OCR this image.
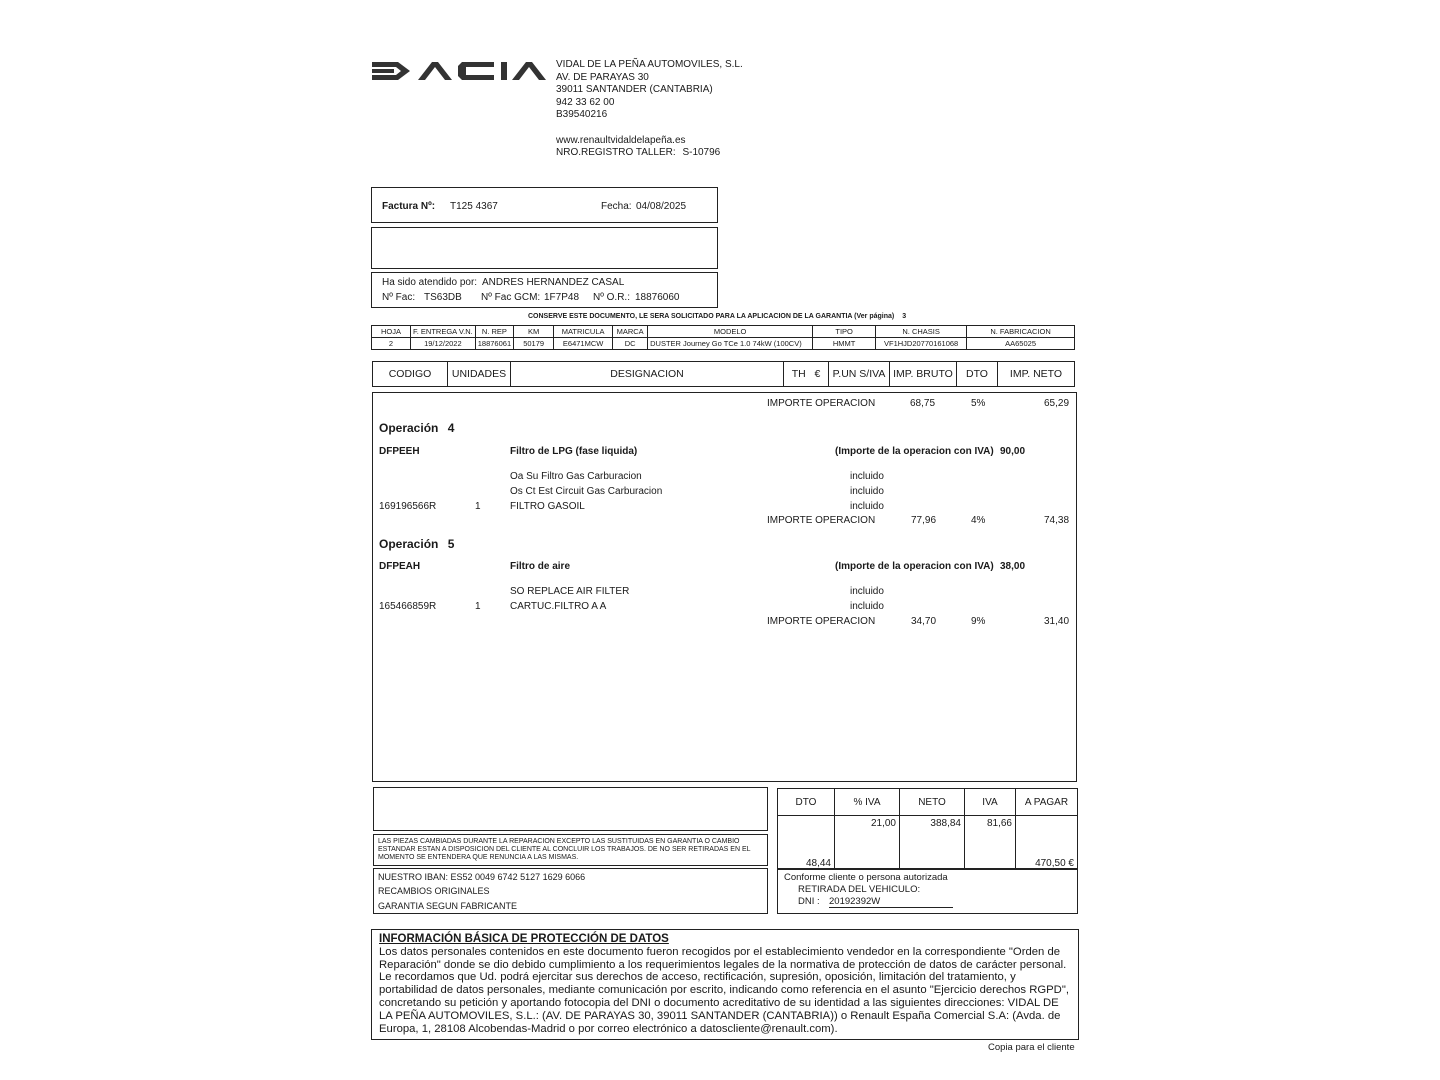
VIDAL DE LA PEÑA AUTOMOVILES, S.L.
AV. DE PARAYAS 30
39011 SANTANDER (CANTABRIA)
942 33 62 00
B39540216
www.renaultvidaldelapeña.es
NRO.REGISTRO TALLER: S-10796
Factura Nº: T125 4367	Fecha: 04/08/2025
Ha sido atendido por: ANDRES HERNANDEZ CASAL
Nº Fac: TS63DB Nº Fac GCM: 1F7P48 Nº O.R.: 18876060
CONSERVE ESTE DOCUMENTO, LE SERA SOLICITADO PARA LA APLICACION DE LA GARANTIA (Ver página) 3
HOJA	F. ENTREGA V.N.	N. REP	KM	MATRICULA	MARCA	MODELO	TIPO	N. CHASIS	N. FABRICACION
2	19/12/2022	18876061	50179	E6471MCW	DC	DUSTER Journey Go TCe 1.0 74kW (100CV)	HMMT	VF1HJD20770161068	AA65025
CODIGO	UNIDADES	DESIGNACION	TH €	P.UN S/IVA	IMP. BRUTO	DTO	IMP. NETO
IMPORTE OPERACION	68,75	5%	65,29
Operación 4
DFPEEH	Filtro de LPG (fase liquida)	(Importe de la operacion con IVA) 90,00
Oa Su Filtro Gas Carburacion	incluido
Os Ct Est Circuit Gas Carburacion	incluido
169196566R	1	FILTRO GASOIL	incluido
IMPORTE OPERACION	77,96	4%	74,38
Operación 5
DFPEAH	Filtro de aire	(Importe de la operacion con IVA) 38,00
SO REPLACE AIR FILTER	incluido
165466859R	1	CARTUC.FILTRO A A	incluido
IMPORTE OPERACION	34,70	9%	31,40
LAS PIEZAS CAMBIADAS DURANTE LA REPARACION EXCEPTO LAS SUSTITUIDAS EN GARANTIA O CAMBIO ESTANDAR ESTAN A DISPOSICION DEL CLIENTE AL CONCLUIR LOS TRABAJOS. DE NO SER RETIRADAS EN EL MOMENTO SE ENTENDERA QUE RENUNCIA A LAS MISMAS.
NUESTRO IBAN: ES52 0049 6742 5127 1629 6066
RECAMBIOS ORIGINALES
GARANTIA SEGUN FABRICANTE
DTO	% IVA	NETO	IVA	A PAGAR
48,44	21,00	388,84	81,66	470,50 €
Conforme cliente o persona autorizada
RETIRADA DEL VEHICULO:
DNI : 20192392W
INFORMACIÓN BÁSICA DE PROTECCIÓN DE DATOS
Los datos personales contenidos en este documento fueron recogidos por el establecimiento vendedor en la correspondiente "Orden de Reparación" donde se dio debido cumplimiento a los requerimientos legales de la normativa de protección de datos de carácter personal. Le recordamos que Ud. podrá ejercitar sus derechos de acceso, rectificación, supresión, oposición, limitación del tratamiento, y portabilidad de datos personales, mediante comunicación por escrito, indicando como referencia en el asunto "Ejercicio derechos RGPD", concretando su petición y aportando fotocopia del DNI o documento acreditativo de su identidad a las siguientes direcciones: VIDAL DE LA PEÑA AUTOMOVILES, S.L.: (AV. DE PARAYAS 30, 39011 SANTANDER (CANTABRIA)) o Renault España Comercial S.A: (Avda. de Europa, 1, 28108 Alcobendas-Madrid o por correo electrónico a datoscliente@renault.com).
Copia para el cliente
